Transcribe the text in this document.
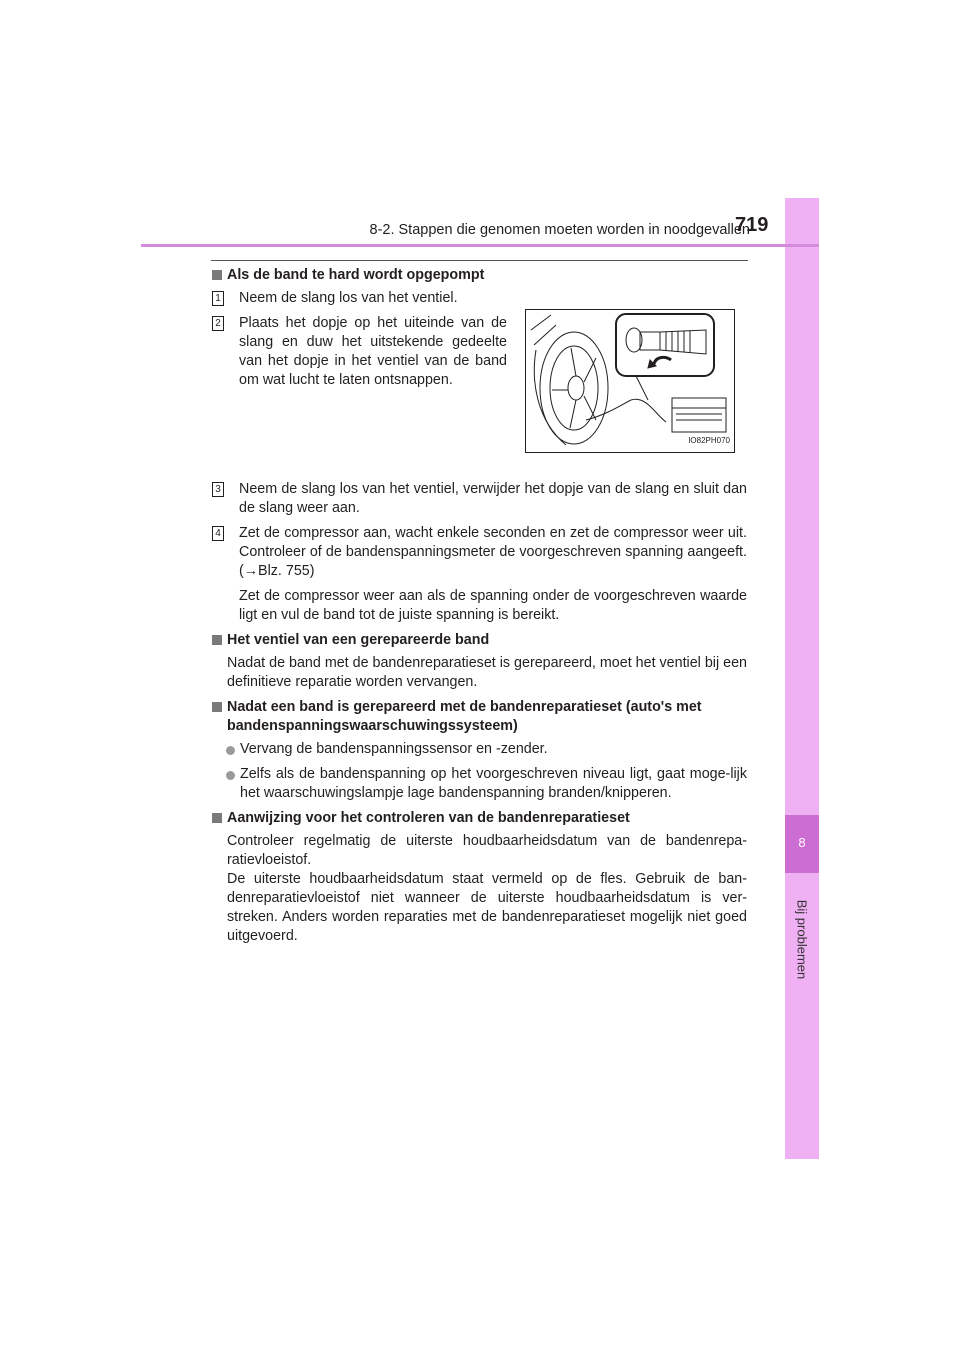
8
Bij problemen
8-2. Stappen die genomen moeten worden in noodgevallen
719
Als de band te hard wordt opgepompt
1 Neem de slang los van het ventiel.
2 Plaats het dopje op het uiteinde van de slang en duw het uitstekende gedeelte van het dopje in het ventiel van de band om wat lucht te laten ontsnappen.
IO82PH070
3 Neem de slang los van het ventiel, verwijder het dopje van de slang en sluit dan de slang weer aan.
4 Zet de compressor aan, wacht enkele seconden en zet de compressor weer uit. Controleer of de bandenspanningsmeter de voorgeschreven spanning aangeeft. (→Blz. 755)
Zet de compressor weer aan als de spanning onder de voorgeschreven waarde ligt en vul de band tot de juiste spanning is bereikt.
Het ventiel van een gerepareerde band
Nadat de band met de bandenreparatieset is gerepareerd, moet het ventiel bij een definitieve reparatie worden vervangen.
Nadat een band is gerepareerd met de bandenreparatieset (auto's met bandenspanningswaarschuwingssysteem)
Vervang de bandenspanningssensor en -zender.
Zelfs als de bandenspanning op het voorgeschreven niveau ligt, gaat moge-lijk het waarschuwingslampje lage bandenspanning branden/knipperen.
Aanwijzing voor het controleren van de bandenreparatieset
Controleer regelmatig de uiterste houdbaarheidsdatum van de bandenrepa-ratievloeistof.
De uiterste houdbaarheidsdatum staat vermeld op de fles. Gebruik de ban-denreparatievloeistof niet wanneer de uiterste houdbaarheidsdatum is ver-streken. Anders worden reparaties met de bandenreparatieset mogelijk niet goed uitgevoerd.
